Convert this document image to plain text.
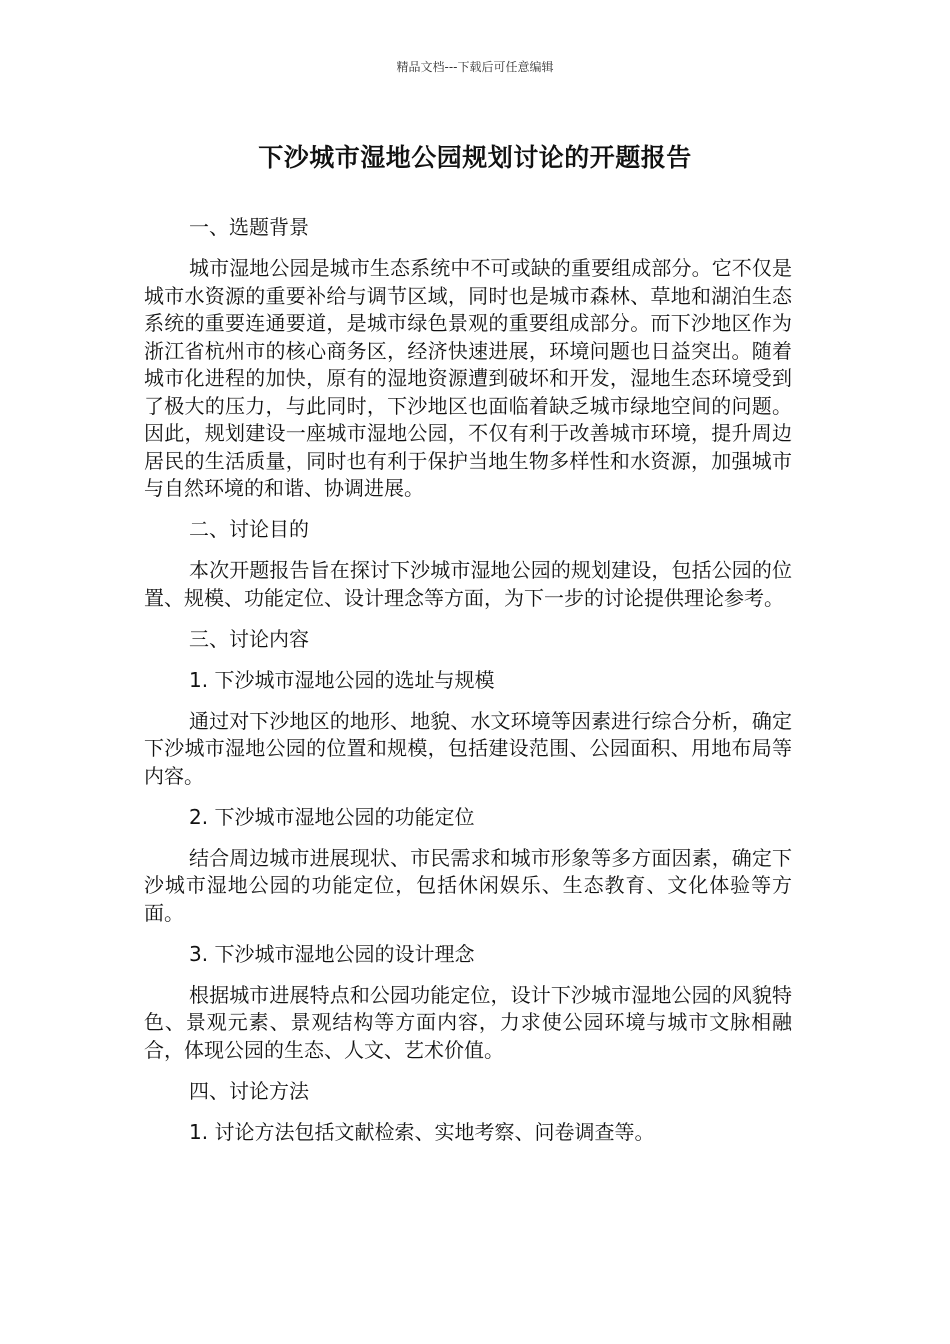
精品文档---下载后可任意编辑
下沙城市湿地公园规划讨论的开题报告

一、选题背景

城市湿地公园是城市生态系统中不可或缺的重要组成部分。它不仅是城市水资源的重要补给与调节区域，同时也是城市森林、草地和湖泊生态系统的重要连通要道，是城市绿色景观的重要组成部分。而下沙地区作为浙江省杭州市的核心商务区，经济快速进展，环境问题也日益突出。随着城市化进程的加快，原有的湿地资源遭到破坏和开发，湿地生态环境受到了极大的压力，与此同时，下沙地区也面临着缺乏城市绿地空间的问题。因此，规划建设一座城市湿地公园，不仅有利于改善城市环境，提升周边居民的生活质量，同时也有利于保护当地生物多样性和水资源，加强城市与自然环境的和谐、协调进展。

二、讨论目的

本次开题报告旨在探讨下沙城市湿地公园的规划建设，包括公园的位置、规模、功能定位、设计理念等方面，为下一步的讨论提供理论参考。

三、讨论内容

1. 下沙城市湿地公园的选址与规模

通过对下沙地区的地形、地貌、水文环境等因素进行综合分析，确定下沙城市湿地公园的位置和规模，包括建设范围、公园面积、用地布局等内容。

2. 下沙城市湿地公园的功能定位

结合周边城市进展现状、市民需求和城市形象等多方面因素，确定下沙城市湿地公园的功能定位，包括休闲娱乐、生态教育、文化体验等方面。

3. 下沙城市湿地公园的设计理念

根据城市进展特点和公园功能定位，设计下沙城市湿地公园的风貌特色、景观元素、景观结构等方面内容，力求使公园环境与城市文脉相融合，体现公园的生态、人文、艺术价值。

四、讨论方法

1. 讨论方法包括文献检索、实地考察、问卷调查等。
